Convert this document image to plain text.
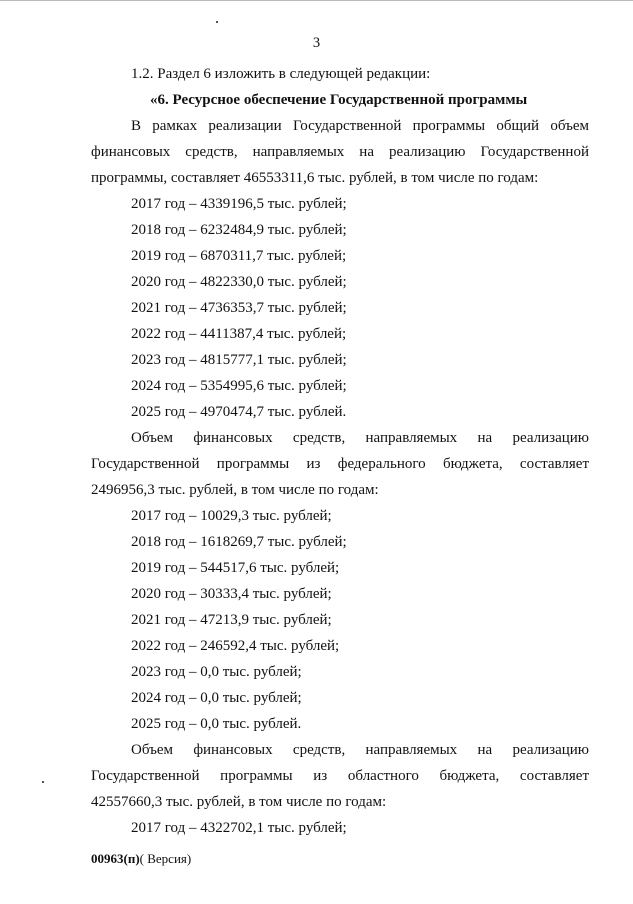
3
1.2. Раздел 6 изложить в следующей редакции:
«6. Ресурсное обеспечение Государственной программы
В рамках реализации Государственной программы общий объем
финансовых средств, направляемых на реализацию Государственной
программы, составляет 46553311,6 тыс. рублей, в том числе по годам:
2017 год – 4339196,5 тыс. рублей;
2018 год – 6232484,9 тыс. рублей;
2019 год – 6870311,7 тыс. рублей;
2020 год – 4822330,0 тыс. рублей;
2021 год – 4736353,7 тыс. рублей;
2022 год – 4411387,4 тыс. рублей;
2023 год – 4815777,1 тыс. рублей;
2024 год – 5354995,6 тыс. рублей;
2025 год – 4970474,7 тыс. рублей.
Объем финансовых средств, направляемых на реализацию
Государственной программы из федерального бюджета, составляет
2496956,3 тыс. рублей, в том числе по годам:
2017 год – 10029,3 тыс. рублей;
2018 год – 1618269,7 тыс. рублей;
2019 год – 544517,6 тыс. рублей;
2020 год – 30333,4 тыс. рублей;
2021 год – 47213,9 тыс. рублей;
2022 год – 246592,4 тыс. рублей;
2023 год – 0,0 тыс. рублей;
2024 год – 0,0 тыс. рублей;
2025 год – 0,0 тыс. рублей.
Объем финансовых средств, направляемых на реализацию
Государственной программы из областного бюджета, составляет
42557660,3 тыс. рублей, в том числе по годам:
2017 год – 4322702,1 тыс. рублей;
00963(п)( Версия)
